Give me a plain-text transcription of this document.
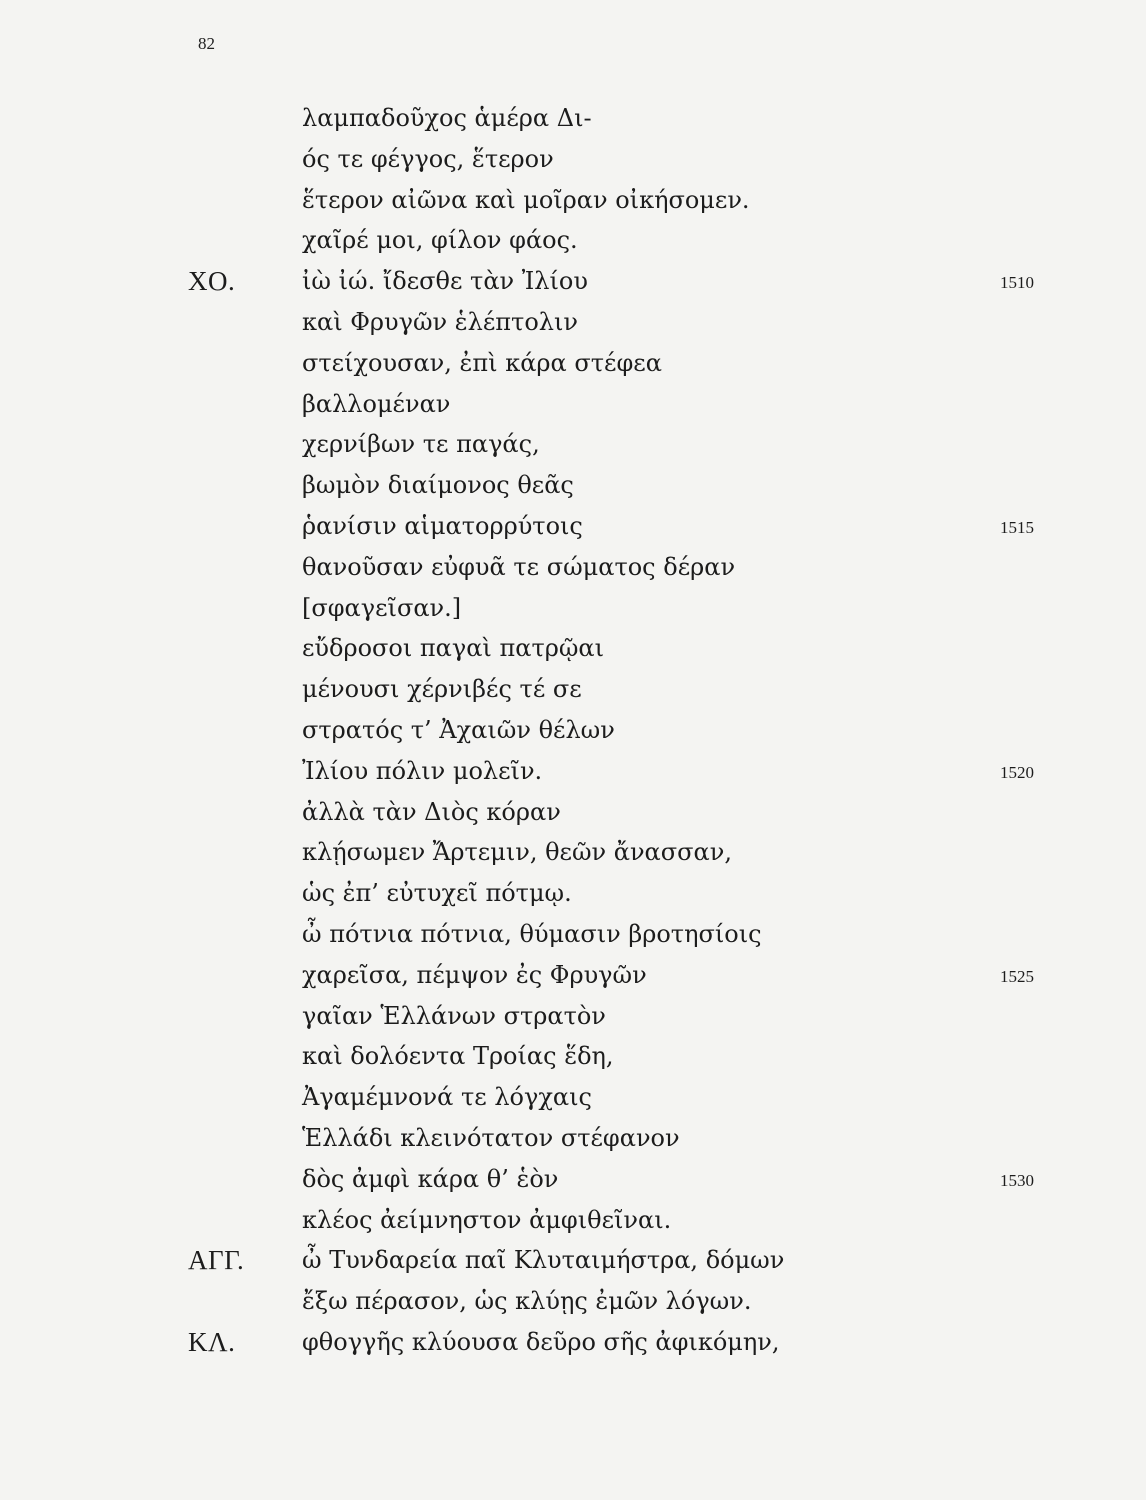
82
λαμπαδοῦχος ἁμέρα Δι-
ός τε φέγγος, ἕτερον
ἕτερον αἰῶνα καὶ μοῖραν οἰκήσομεν.
χαῖρέ μοι, φίλον φάος.
ΧΟ.	ἰὼ ἰώ. ἴδεσθε τὰν Ἰλίου	1510
καὶ Φρυγῶν ἑλέπτολιν
στείχουσαν, ἐπὶ κάρα στέφεα
βαλλομέναν
χερνίβων τε παγάς,
βωμὸν διαίμονος θεᾶς
ῥανίσιν αἱματορρύτοις	1515
θανοῦσαν εὐφυᾶ τε σώματος δέραν
[σφαγεῖσαν.]
εὔδροσοι παγαὶ πατρῷαι
μένουσι χέρνιβές τέ σε
στρατός τ’ Ἀχαιῶν θέλων
Ἰλίου πόλιν μολεῖν.	1520
ἀλλὰ τὰν Διὸς κόραν
κλῄσωμεν Ἄρτεμιν, θεῶν ἄνασσαν,
ὡς ἐπ’ εὐτυχεῖ πότμῳ.
ὦ πότνια πότνια, θύμασιν βροτησίοις
χαρεῖσα, πέμψον ἐς Φρυγῶν	1525
γαῖαν Ἑλλάνων στρατὸν
καὶ δολόεντα Τροίας ἕδη,
Ἀγαμέμνονά τε λόγχαις
Ἑλλάδι κλεινότατον στέφανον
δὸς ἀμφὶ κάρα θ’ ἑὸν	1530
κλέος ἀείμνηστον ἀμφιθεῖναι.
ΑΓΓ. ὦ Τυνδαρεία παῖ Κλυταιμήστρα, δόμων
ἔξω πέρασον, ὡς κλύῃς ἐμῶν λόγων.
ΚΛ.	φθογγῆς κλύουσα δεῦρο σῆς ἀφικόμην,
